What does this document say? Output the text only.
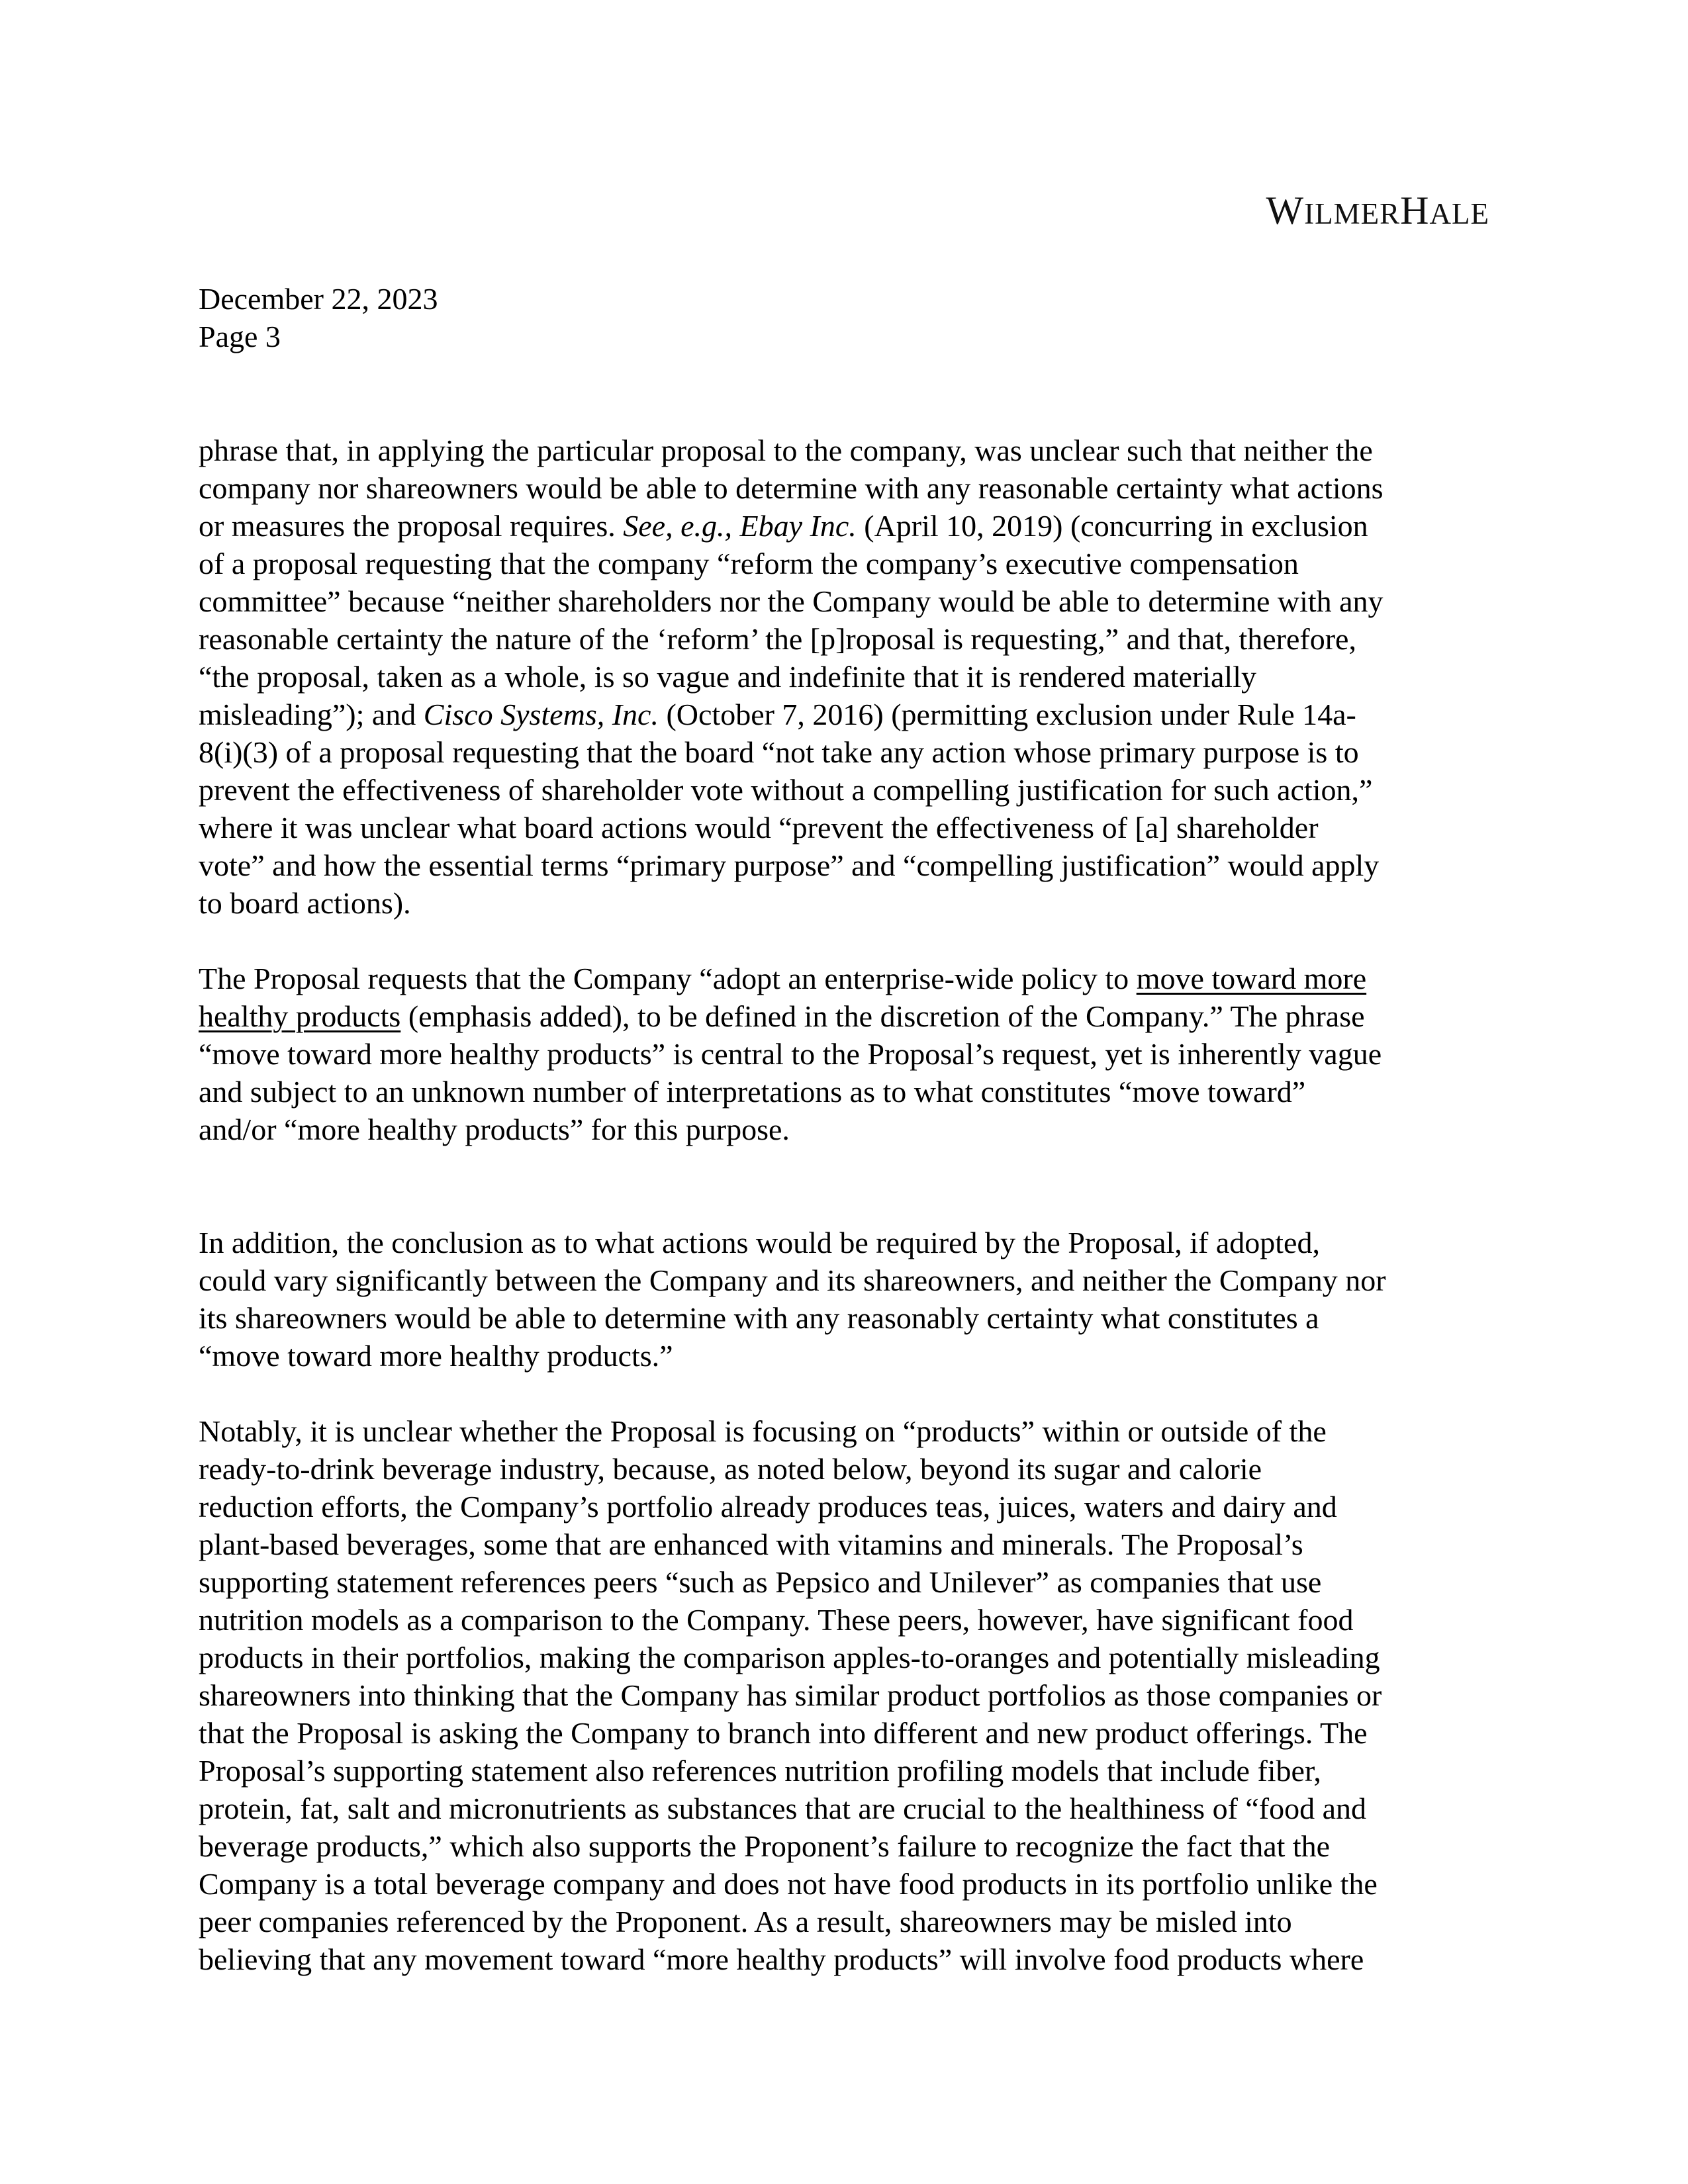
WILMERHALE
December 22, 2023
Page 3
phrase that, in applying the particular proposal to the company, was unclear such that neither the
company nor shareowners would be able to determine with any reasonable certainty what actions
or measures the proposal requires. See, e.g., Ebay Inc. (April 10, 2019) (concurring in exclusion
of a proposal requesting that the company “reform the company’s executive compensation
committee” because “neither shareholders nor the Company would be able to determine with any
reasonable certainty the nature of the ‘reform’ the [p]roposal is requesting,” and that, therefore,
“the proposal, taken as a whole, is so vague and indefinite that it is rendered materially
misleading”); and Cisco Systems, Inc. (October 7, 2016) (permitting exclusion under Rule 14a-
8(i)(3) of a proposal requesting that the board “not take any action whose primary purpose is to
prevent the effectiveness of shareholder vote without a compelling justification for such action,”
where it was unclear what board actions would “prevent the effectiveness of [a] shareholder
vote” and how the essential terms “primary purpose” and “compelling justification” would apply
to board actions).
The Proposal requests that the Company “adopt an enterprise-wide policy to move toward more
healthy products (emphasis added), to be defined in the discretion of the Company.” The phrase
“move toward more healthy products” is central to the Proposal’s request, yet is inherently vague
and subject to an unknown number of interpretations as to what constitutes “move toward”
and/or “more healthy products” for this purpose.
In addition, the conclusion as to what actions would be required by the Proposal, if adopted,
could vary significantly between the Company and its shareowners, and neither the Company nor
its shareowners would be able to determine with any reasonably certainty what constitutes a
“move toward more healthy products.”
Notably, it is unclear whether the Proposal is focusing on “products” within or outside of the
ready-to-drink beverage industry, because, as noted below, beyond its sugar and calorie
reduction efforts, the Company’s portfolio already produces teas, juices, waters and dairy and
plant-based beverages, some that are enhanced with vitamins and minerals. The Proposal’s
supporting statement references peers “such as Pepsico and Unilever” as companies that use
nutrition models as a comparison to the Company. These peers, however, have significant food
products in their portfolios, making the comparison apples-to-oranges and potentially misleading
shareowners into thinking that the Company has similar product portfolios as those companies or
that the Proposal is asking the Company to branch into different and new product offerings. The
Proposal’s supporting statement also references nutrition profiling models that include fiber,
protein, fat, salt and micronutrients as substances that are crucial to the healthiness of “food and
beverage products,” which also supports the Proponent’s failure to recognize the fact that the
Company is a total beverage company and does not have food products in its portfolio unlike the
peer companies referenced by the Proponent. As a result, shareowners may be misled into
believing that any movement toward “more healthy products” will involve food products where
